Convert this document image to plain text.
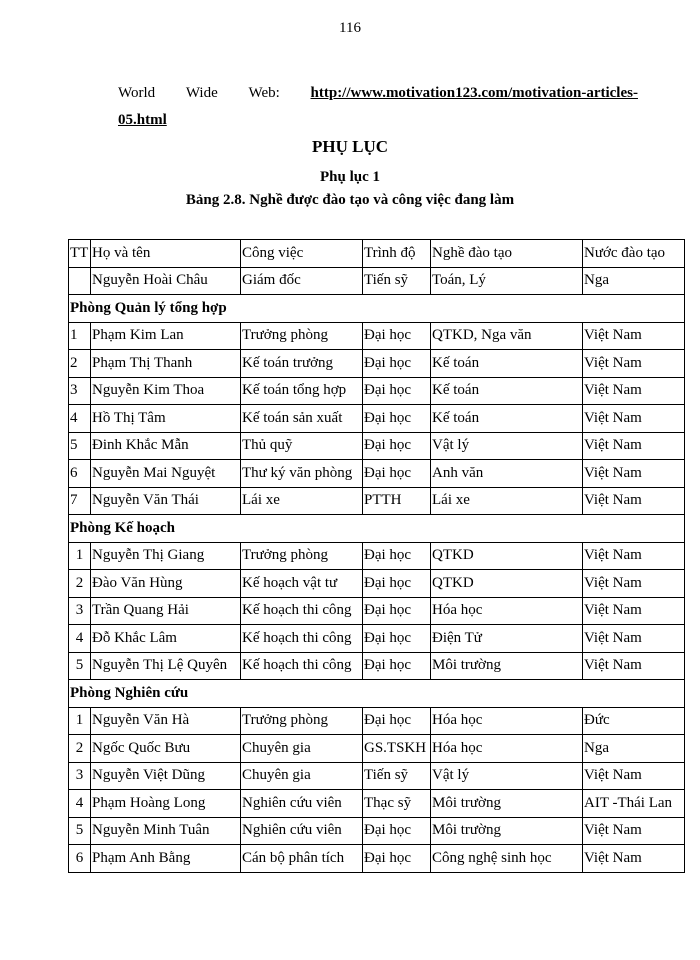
116
World Wide Web: http://www.motivation123.com/motivation-articles-
05.html
PHỤ LỤC
Phụ lục 1
Bảng 2.8. Nghề được đào tạo và công việc đang làm
TT	Họ và tên	Công việc	Trình độ	Nghề đào tạo	Nước đào tạo
	Nguyễn Hoài Châu	Giám đốc	Tiến sỹ	Toán, Lý	Nga
Phòng Quản lý tổng hợp					
1	Phạm Kim Lan	Trưởng phòng	Đại học	QTKD, Nga văn	Việt Nam
2	Phạm Thị Thanh	Kế toán trưởng	Đại học	Kế toán	Việt Nam
3	Nguyễn Kim Thoa	Kế toán tổng hợp	Đại học	Kế toán	Việt Nam
4	Hồ Thị Tâm	Kế toán sản xuất	Đại học	Kế toán	Việt Nam
5	Đinh Khắc Mẫn	Thủ quỹ	Đại học	Vật lý	Việt Nam
6	Nguyễn Mai Nguyệt	Thư ký văn phòng	Đại học	Anh văn	Việt Nam
7	Nguyễn Văn Thái	Lái xe	PTTH	Lái xe	Việt Nam
Phòng Kế hoạch					
1	Nguyễn Thị Giang	Trưởng phòng	Đại học	QTKD	Việt Nam
2	Đào Văn Hùng	Kế hoạch vật tư	Đại học	QTKD	Việt Nam
3	Trần Quang Hải	Kế hoạch thi công	Đại học	Hóa học	Việt Nam
4	Đỗ Khắc Lâm	Kế hoạch thi công	Đại học	Điện Tử	Việt Nam
5	Nguyễn Thị Lệ Quyên	Kế hoạch thi công	Đại học	Môi trường	Việt Nam
Phòng Nghiên cứu					
1	Nguyễn Văn Hà	Trưởng phòng	Đại học	Hóa học	Đức
2	Ngốc Quốc Bưu	Chuyên gia	GS.TSKH	Hóa học	Nga
3	Nguyễn Việt Dũng	Chuyên gia	Tiến sỹ	Vật lý	Việt Nam
4	Phạm Hoàng Long	Nghiên cứu viên	Thạc sỹ	Môi trường	AIT -Thái Lan
5	Nguyễn Minh Tuân	Nghiên cứu viên	Đại học	Môi trường	Việt Nam
6	Phạm Anh Bằng	Cán bộ phân tích	Đại học	Công nghệ sinh học	Việt Nam
